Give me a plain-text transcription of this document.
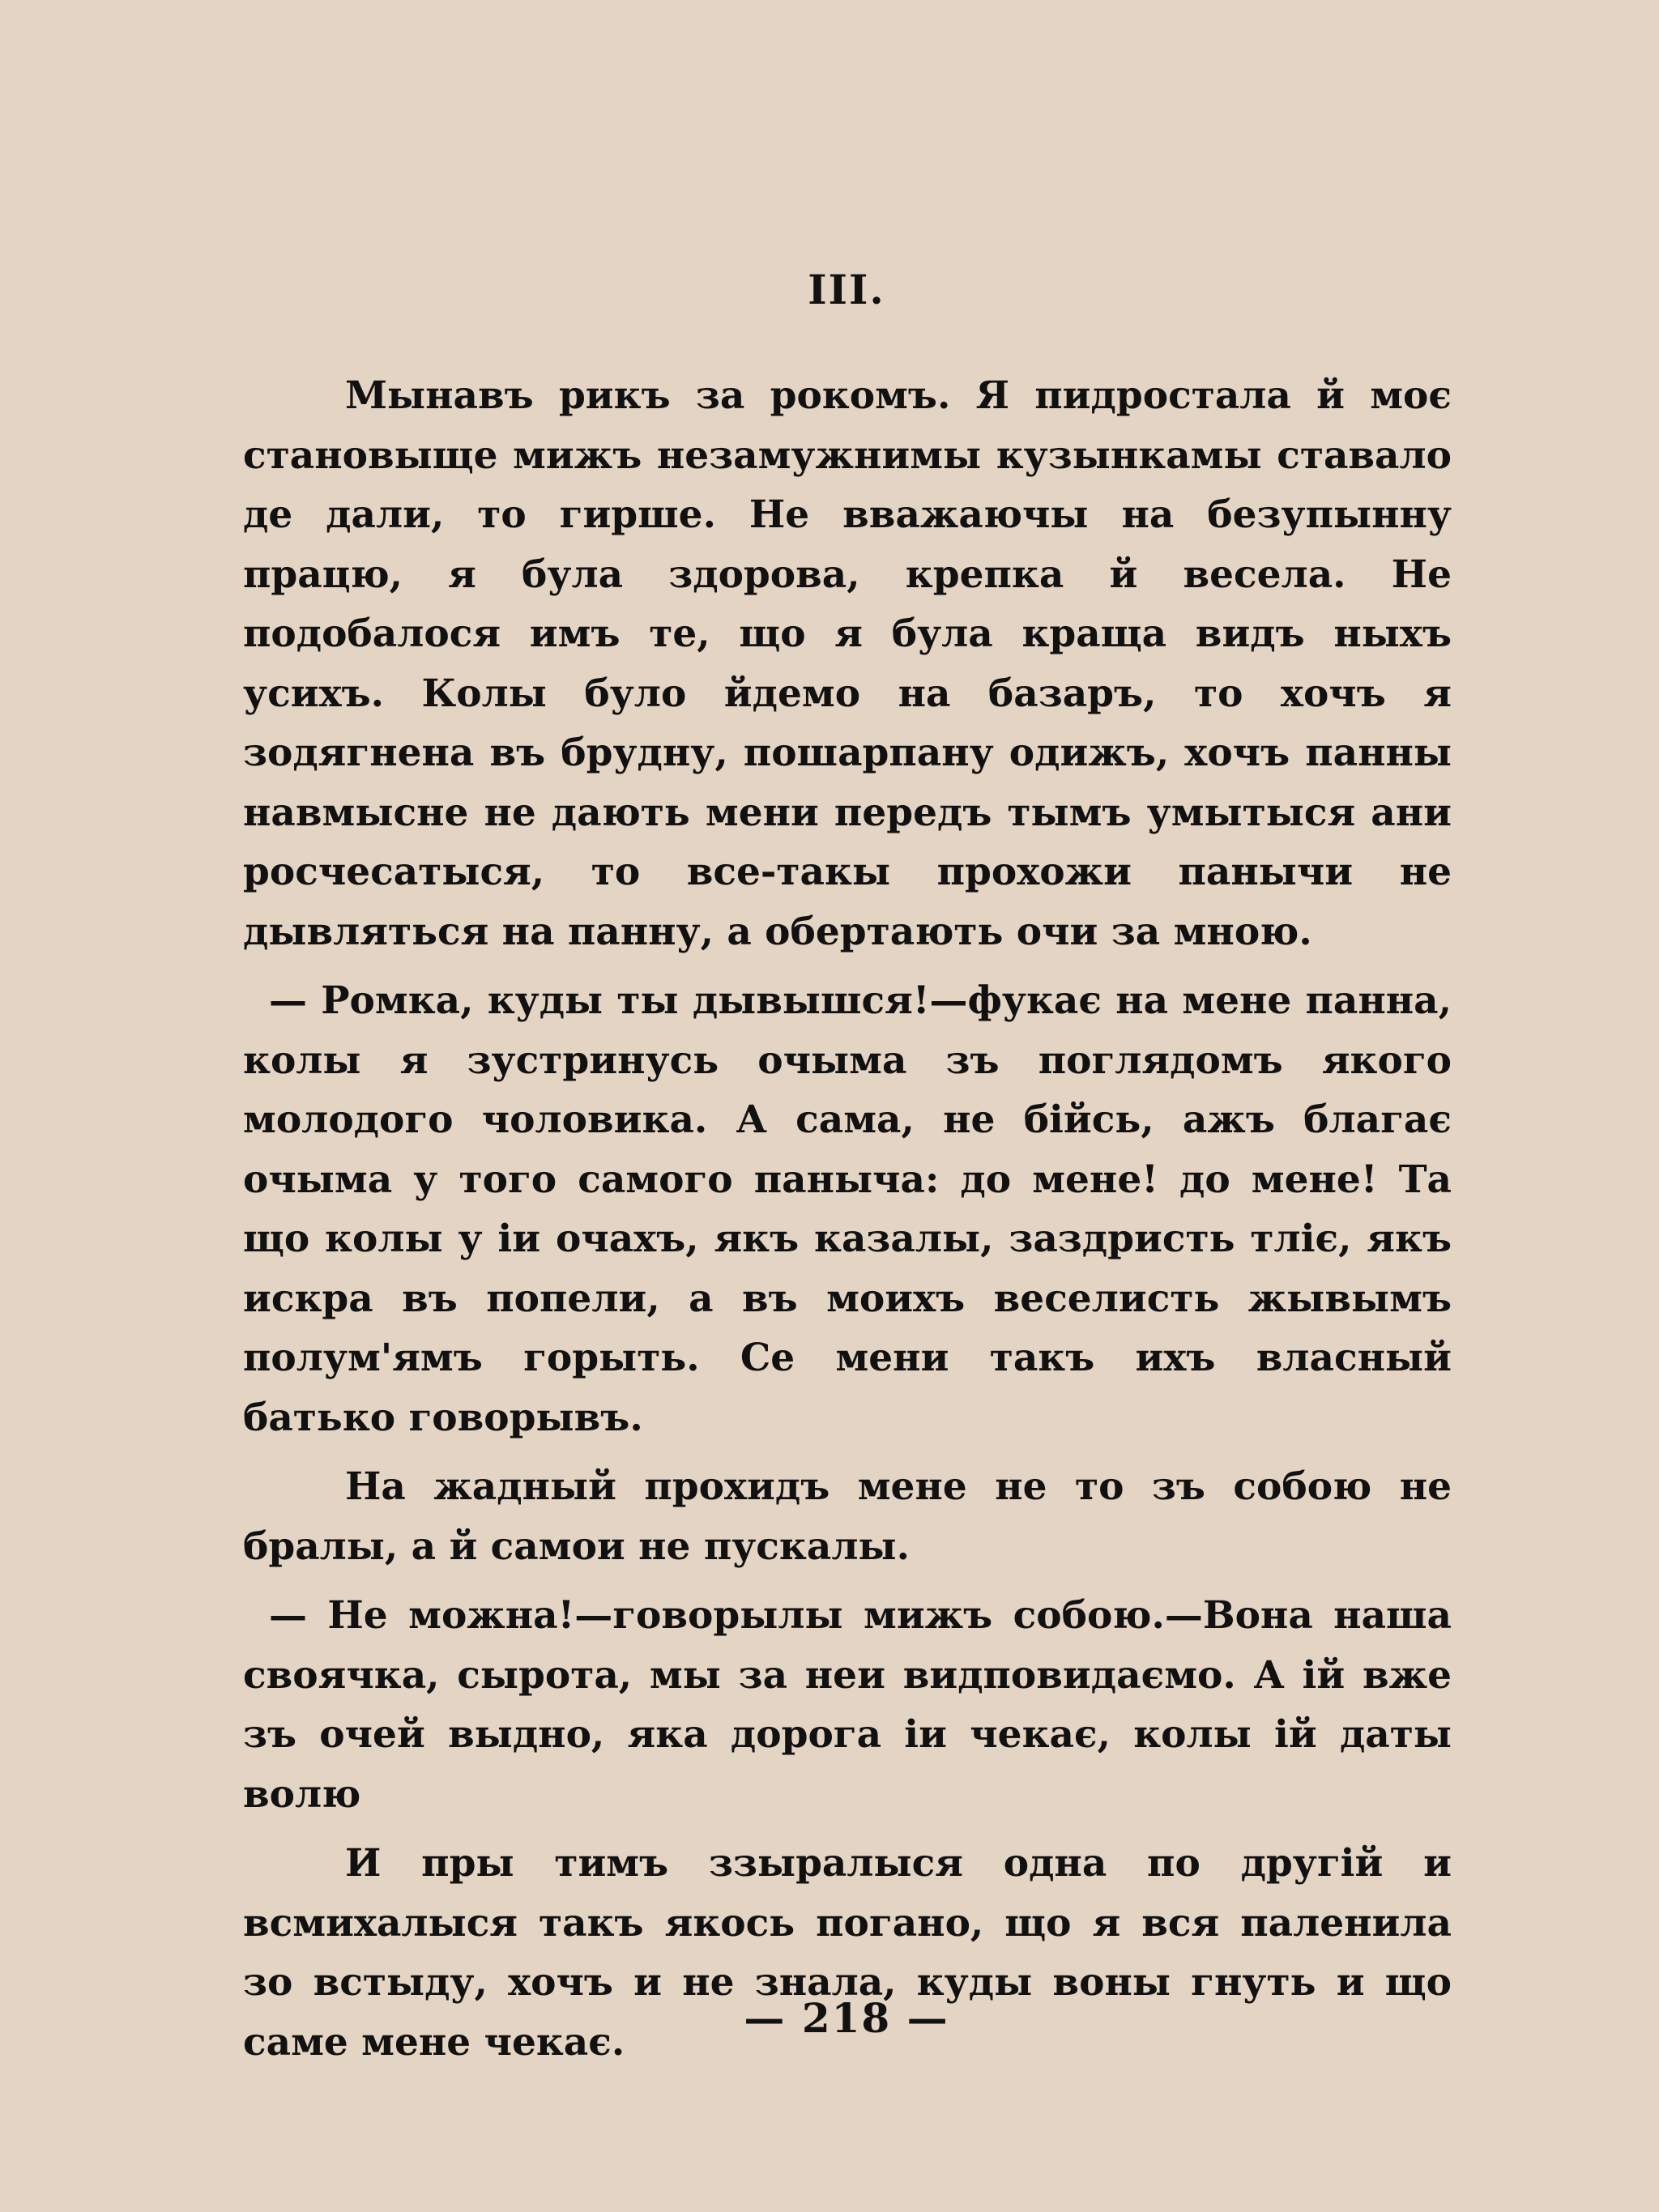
III.

Мынавъ рикъ за рокомъ. Я пидростала й моє становыще мижъ незамужнимы кузынкамы ставало де дали, то гирше. Не вважаючы на безупынну працю, я була здорова, крепка й весела. Не подобалося имъ те, що я була краща видъ ныхъ усихъ. Колы було йдемо на базаръ, то хочъ я зодягнена въ брудну, пошарпану одижъ, хочъ панны навмысне не дають мени передъ тымъ умытыся ани росчесатыся, то все-такы прохожи панычи не дывляться на панну, а обертають очи за мною.

— Ромка, куды ты дывышся!—фукає на мене панна, колы я зустринусь очыма зъ поглядомъ якого молодого чоловика. А сама, не бійсь, ажъ благає очыма у того самого паныча: до мене! до мене! Та що колы у іи очахъ, якъ казалы, заздристь тліє, якъ искра въ попели, а въ моихъ веселисть жывымъ полум'ямъ горыть. Се мени такъ ихъ власный батько говорывъ.

На жадный прохидъ мене не то зъ собою не бралы, а й самои не пускалы.

— Не можна!—говорылы мижъ собою.—Вона наша своячка, сырота, мы за неи видповидаємо. А ій вже зъ очей выдно, яка дорога іи чекає, колы ій даты волю

И пры тимъ ззыралыся одна по другій и всмихалыся такъ якось погано, що я вся паленила зо встыду, хочъ и не знала, куды воны гнуть и що саме мене чекає.	— 218 —
